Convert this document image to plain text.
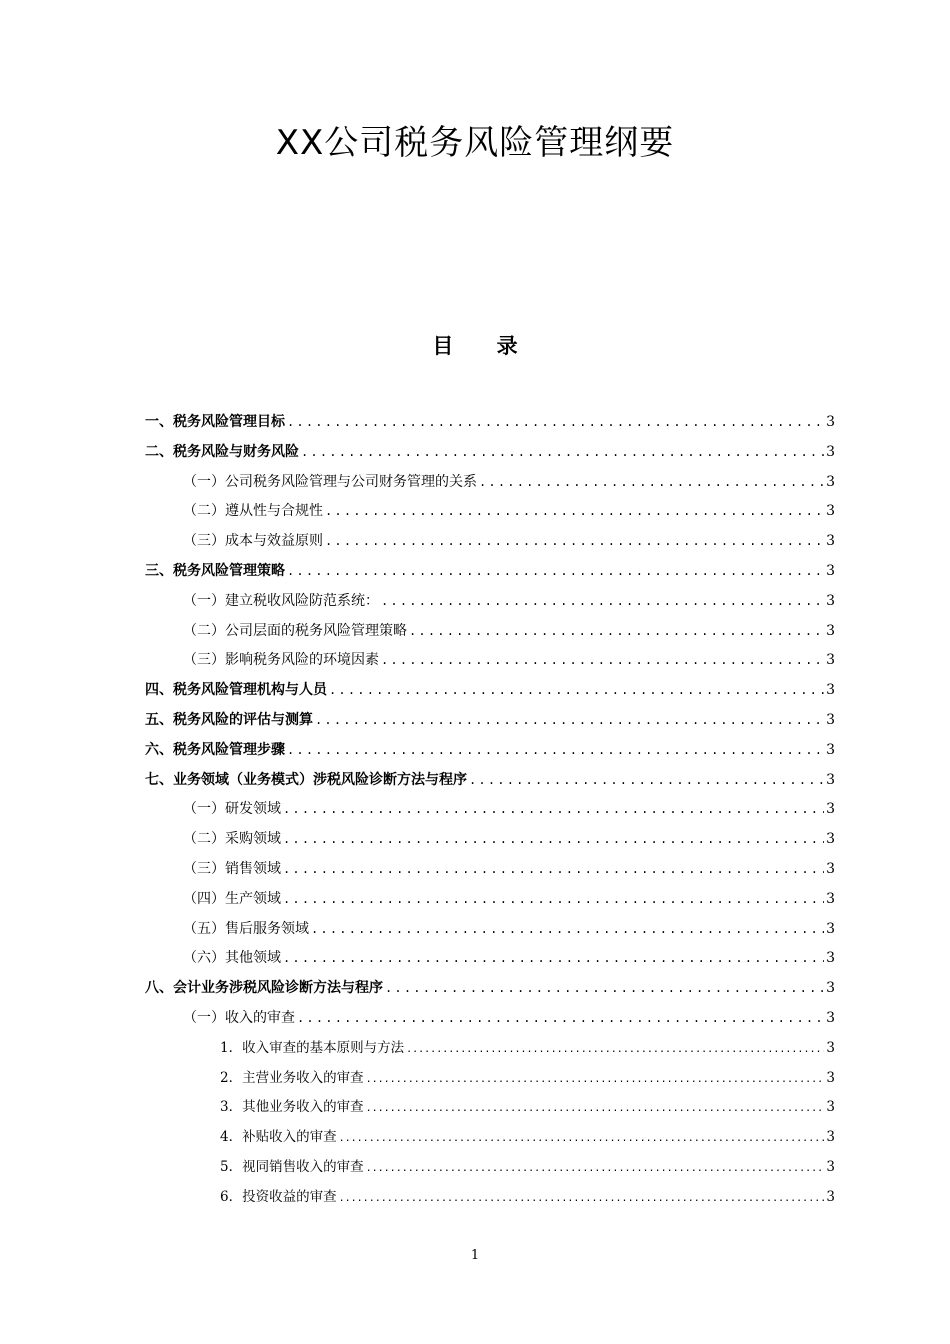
XX公司税务风险管理纲要
目 录
一、税务风险管理目标 .....	3
二、税务风险与财务风险 .....	3
（一）公司税务风险管理与公司财务管理的关系 .....	3
（二）遵从性与合规性 .....	3
（三）成本与效益原则 .....	3
三、税务风险管理策略 .....	3
（一）建立税收风险防范系统： .....	3
（二）公司层面的税务风险管理策略 .....	3
（三）影响税务风险的环境因素 .....	3
四、税务风险管理机构与人员 .....	3
五、税务风险的评估与测算 .....	3
六、税务风险管理步骤 .....	3
七、业务领域（业务模式）涉税风险诊断方法与程序 .....	3
（一）研发领域 .....	3
（二）采购领域 .....	3
（三）销售领域 .....	3
（四）生产领域 .....	3
（五）售后服务领域 .....	3
（六）其他领域 .....	3
八、会计业务涉税风险诊断方法与程序 .....	3
（一）收入的审查 .....	3
1．收入审查的基本原则与方法 .....	3
2．主营业务收入的审查 .....	3
3．其他业务收入的审查 .....	3
4．补贴收入的审查 .....	3
5．视同销售收入的审查 .....	3
6．投资收益的审查 .....	3
1
